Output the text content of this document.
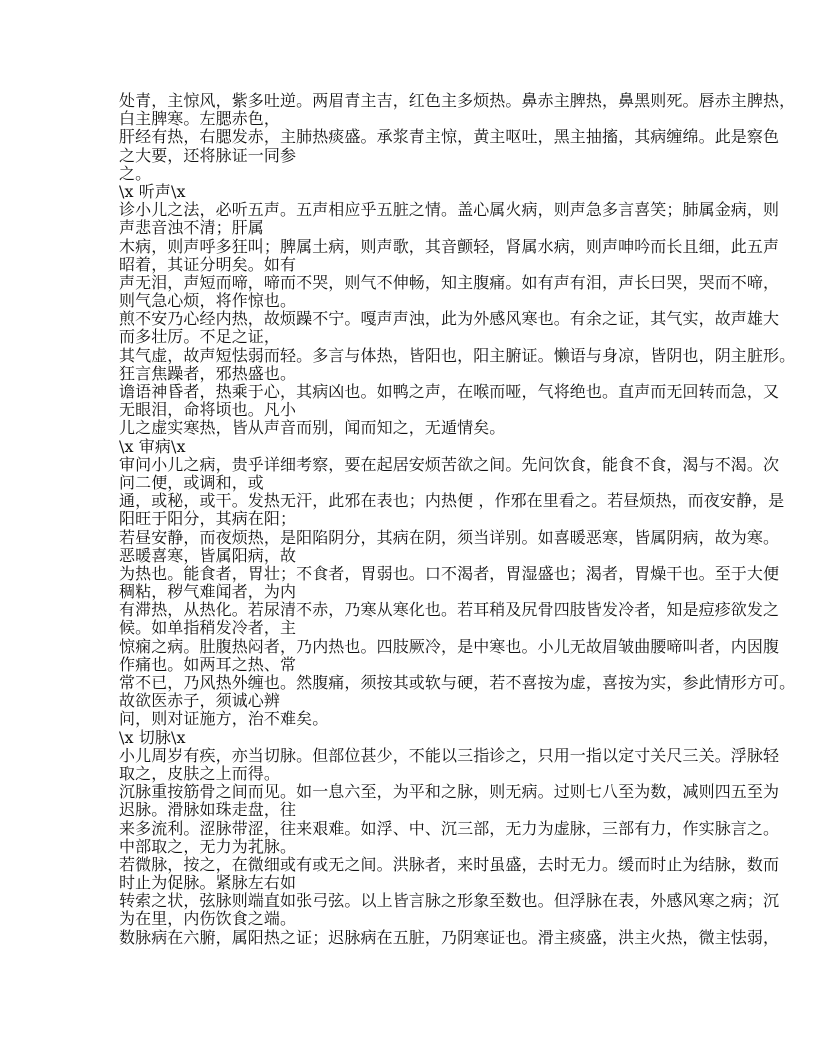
处青，主惊风，紫多吐逆。两眉青主吉，红色主多烦热。鼻赤主脾热，鼻黑则死。唇赤主脾热，
白主脾寒。左腮赤色，
肝经有热，右腮发赤，主肺热痰盛。承浆青主惊，黄主呕吐，黑主抽搐，其病缠绵。此是察色
之大要，还将脉证一同参
之。
\x 听声\x
诊小儿之法，必听五声。五声相应乎五脏之情。盖心属火病，则声急多言喜笑；肺属金病，则
声悲音浊不清；肝属
木病，则声呼多狂叫；脾属土病，则声歌，其音颤轻，肾属水病，则声呻吟而长且细，此五声
昭着，其证分明矣。如有
声无泪，声短而啼，啼而不哭，则气不伸畅，知主腹痛。如有声有泪，声长曰哭，哭而不啼，
则气急心烦，将作惊也。
煎不安乃心经内热，故烦躁不宁。嘎声声浊，此为外感风寒也。有余之证，其气实，故声雄大
而多壮厉。不足之证，
其气虚，故声短怯弱而轻。多言与体热，皆阳也，阳主腑证。懒语与身凉，皆阴也，阴主脏形。
狂言焦躁者，邪热盛也。
谵语神昏者，热乘于心，其病凶也。如鸭之声，在喉而哑，气将绝也。直声而无回转而急，又
无眼泪，命将顷也。凡小
儿之虚实寒热，皆从声音而别，闻而知之，无遁情矣。
\x 审病\x
审问小儿之病，贵乎详细考察，要在起居安烦苦欲之间。先问饮食，能食不食，渴与不渴。次
问二便，或调和，或
通，或秘，或干。发热无汗，此邪在表也；内热便 ，作邪在里看之。若昼烦热，而夜安静，是
阳旺于阳分，其病在阳；
若昼安静，而夜烦热，是阳陷阴分，其病在阴，须当详别。如喜暖恶寒，皆属阴病，故为寒。
恶暖喜寒，皆属阳病，故
为热也。能食者，胃壮；不食者，胃弱也。口不渴者，胃湿盛也；渴者，胃燥干也。至于大便
稠粘，秽气难闻者，为内
有滞热，从热化。若尿清不赤，乃寒从寒化也。若耳稍及尻骨四肢皆发冷者，知是痘疹欲发之
候。如单指稍发冷者，主
惊痫之病。肚腹热闷者，乃内热也。四肢厥冷，是中寒也。小儿无故眉皱曲腰啼叫者，内因腹
作痛也。如两耳之热、常
常不已，乃风热外缠也。然腹痛，须按其或软与硬，若不喜按为虚，喜按为实，参此情形方可。
故欲医赤子，须诚心辨
问，则对证施方，治不难矣。
\x 切脉\x
小儿周岁有疾，亦当切脉。但部位甚少，不能以三指诊之，只用一指以定寸关尺三关。浮脉轻
取之，皮肤之上而得。
沉脉重按筋骨之间而见。如一息六至，为平和之脉，则无病。过则七八至为数，减则四五至为
迟脉。滑脉如珠走盘，往
来多流利。涩脉带涩，往来艰难。如浮、中、沉三部，无力为虚脉，三部有力，作实脉言之。
中部取之，无力为芤脉。
若微脉，按之，在微细或有或无之间。洪脉者，来时虽盛，去时无力。缓而时止为结脉，数而
时止为促脉。紧脉左右如
转索之状，弦脉则端直如张弓弦。以上皆言脉之形象至数也。但浮脉在表，外感风寒之病；沉
为在里，内伤饮食之端。
数脉病在六腑，属阳热之证；迟脉病在五脏，乃阴寒证也。滑主痰盛，洪主火热，微主怯弱，
